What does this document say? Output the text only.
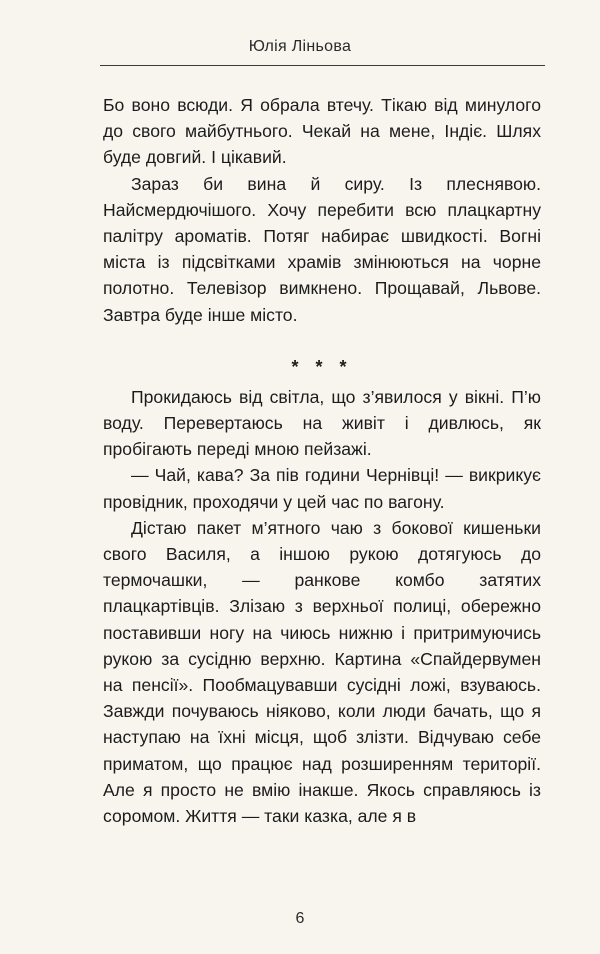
Юлія Ліньова

Бо воно всюди. Я обрала втечу. Тікаю від минулого до свого майбутнього. Чекай на мене, Індіє. Шлях буде довгий. І цікавий.

Зараз би вина й сиру. Із плеснявою. Найсмердючішого. Хочу перебити всю плацкартну палітру ароматів. Потяг набирає швидкості. Вогні міста із підсвітками храмів змінюються на чорне полотно. Телевізор вимкнено. Прощавай, Львове. Завтра буде інше місто.

* * *

Прокидаюсь від світла, що з’явилося у вікні. П’ю воду. Перевертаюсь на живіт і дивлюсь, як пробігають переді мною пейзажі.

— Чай, кава? За пів години Чернівці! — викрикує провідник, проходячи у цей час по вагону.

Дістаю пакет м’ятного чаю з бокової кишеньки свого Василя, а іншою рукою дотягуюсь до термочашки, — ранкове комбо затятих плацкартівців. Злізаю з верхньої полиці, обережно поставивши ногу на чиюсь нижню і притримуючись рукою за сусідню верхню. Картина «Спайдервумен на пенсії». Пообмацувавши сусідні ложі, взуваюсь. Завжди почуваюсь ніяково, коли люди бачать, що я наступаю на їхні місця, щоб злізти. Відчуваю себе приматом, що працює над розширенням території. Але я просто не вмію інакше. Якось справляюсь із соромом. Життя — таки казка, але я в

6
